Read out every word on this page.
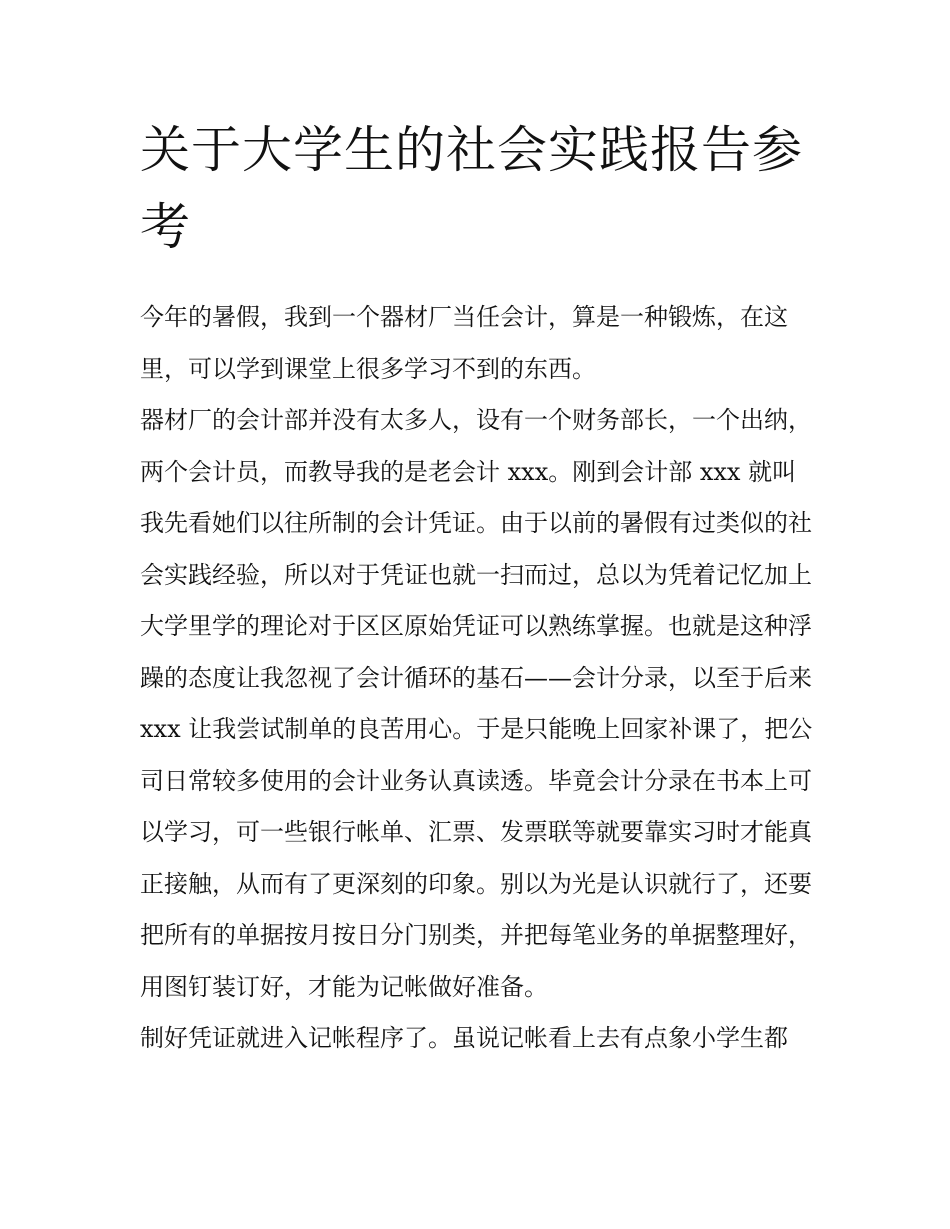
关于大学生的社会实践报告参考

今年的暑假，我到一个器材厂当任会计，算是一种锻炼，在这里，可以学到课堂上很多学习不到的东西。

器材厂的会计部并没有太多人，设有一个财务部长，一个出纳，两个会计员，而教导我的是老会计 xxx。刚到会计部 xxx 就叫我先看她们以往所制的会计凭证。由于以前的暑假有过类似的社会实践经验，所以对于凭证也就一扫而过，总以为凭着记忆加上大学里学的理论对于区区原始凭证可以熟练掌握。也就是这种浮躁的态度让我忽视了会计循环的基石——会计分录，以至于后来 xxx 让我尝试制单的良苦用心。于是只能晚上回家补课了，把公司日常较多使用的会计业务认真读透。毕竟会计分录在书本上可以学习，可一些银行帐单、汇票、发票联等就要靠实习时才能真正接触，从而有了更深刻的印象。别以为光是认识就行了，还要把所有的单据按月按日分门别类，并把每笔业务的单据整理好，用图钉装订好，才能为记帐做好准备。

制好凭证就进入记帐程序了。虽说记帐看上去有点象小学生都
